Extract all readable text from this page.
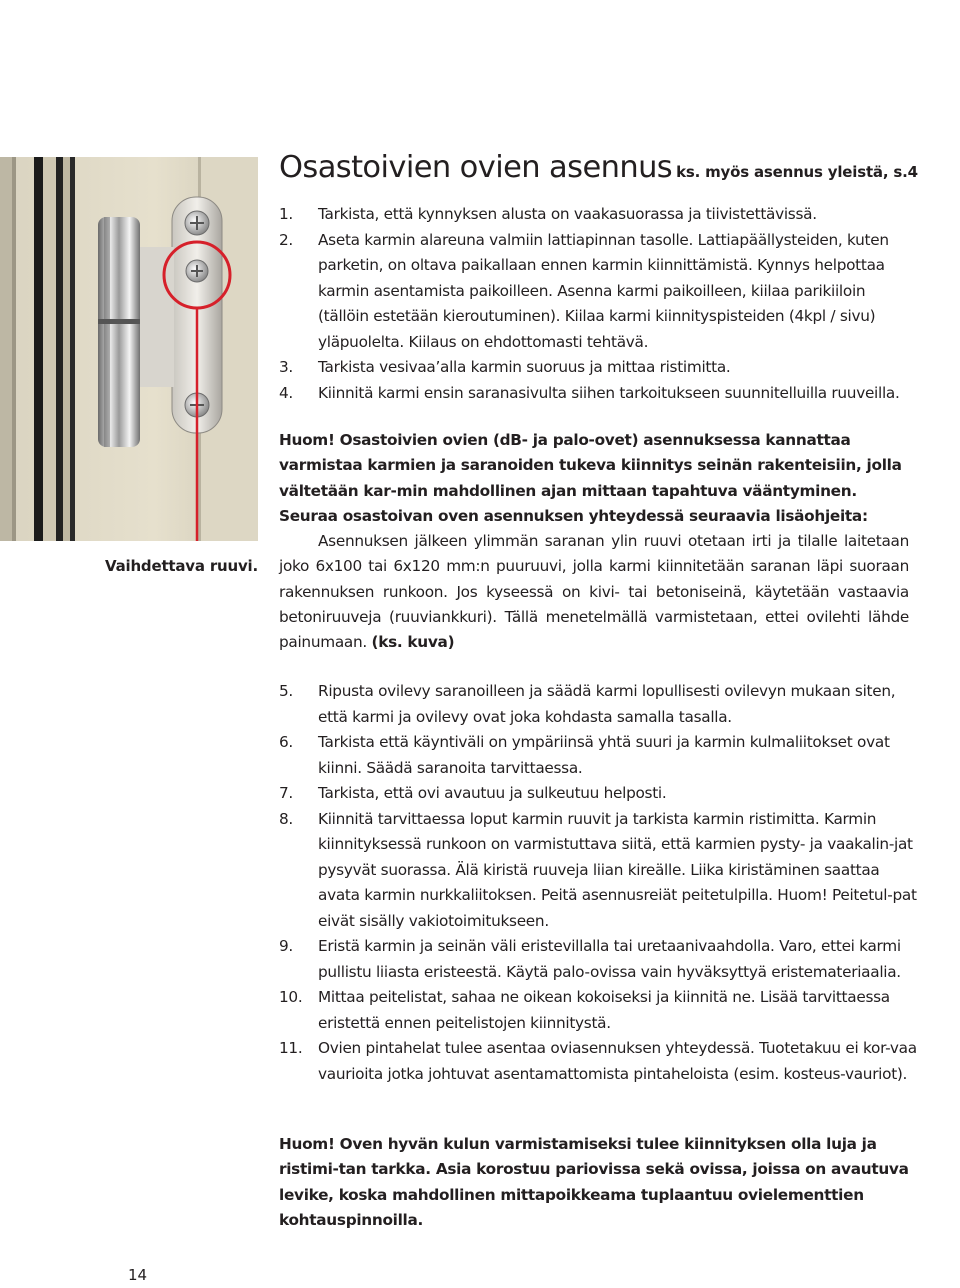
Vaihdettava ruuvi.
Osastoivien ovien asennus ks. myös asennus yleistä, s.4
1. Tarkista, että kynnyksen alusta on vaakasuorassa ja tiivistettävissä.
2. Aseta karmin alareuna valmiin lattiapinnan tasolle. Lattiapäällysteiden, kuten parketin, on oltava paikallaan ennen karmin kiinnittämistä. Kynnys helpottaa karmin asentamista paikoilleen. Asenna karmi paikoilleen, kiilaa parikiiloin (tällöin estetään kieroutuminen). Kiilaa karmi kiinnityspisteiden (4kpl / sivu) yläpuolelta. Kiilaus on ehdottomasti tehtävä.
3. Tarkista vesivaa’alla karmin suoruus ja mittaa ristimitta.
4. Kiinnitä karmi ensin saranasivulta siihen tarkoitukseen suunnitelluilla ruuveilla.

Huom! Osastoivien ovien (dB- ja palo-ovet) asennuksessa kannattaa varmistaa karmien ja saranoiden tukeva kiinnitys seinän rakenteisiin, jolla vältetään kar-min mahdollinen ajan mittaan tapahtuva vääntyminen. Seuraa osastoivan oven asennuksen yhteydessä seuraavia lisäohjeita:

Asennuksen jälkeen ylimmän saranan ylin ruuvi otetaan irti ja tilalle laitetaan joko 6x100 tai 6x120 mm:n puuruuvi, jolla karmi kiinnitetään saranan läpi suoraan rakennuksen runkoon. Jos kyseessä on kivi- tai betoniseinä, käytetään vastaavia betoniruuveja (ruuviankkuri). Tällä menetelmällä varmistetaan, ettei ovilehti lähde painumaan. (ks. kuva)

5. Ripusta ovilevy saranoilleen ja säädä karmi lopullisesti ovilevyn mukaan siten, että karmi ja ovilevy ovat joka kohdasta samalla tasalla.
6. Tarkista että käyntiväli on ympäriinsä yhtä suuri ja karmin kulmaliitokset ovat kiinni. Säädä saranoita tarvittaessa.
7. Tarkista, että ovi avautuu ja sulkeutuu helposti.
8. Kiinnitä tarvittaessa loput karmin ruuvit ja tarkista karmin ristimitta. Karmin kiinnityksessä runkoon on varmistuttava siitä, että karmien pysty- ja vaakalin-jat pysyvät suorassa. Älä kiristä ruuveja liian kireälle. Liika kiristäminen saattaa avata karmin nurkkaliitoksen. Peitä asennusreiät peitetulpilla. Huom! Peitetul-pat eivät sisälly vakiotoimitukseen.
9. Eristä karmin ja seinän väli eristevillalla tai uretaanivaahdolla. Varo, ettei karmi pullistu liiasta eristeestä. Käytä palo-ovissa vain hyväksyttyä eristemateriaalia.
10. Mittaa peitelistat, sahaa ne oikean kokoiseksi ja kiinnitä ne. Lisää tarvittaessa eristettä ennen peitelistojen kiinnitystä.
11. Ovien pintahelat tulee asentaa oviasennuksen yhteydessä. Tuotetakuu ei kor-vaa vaurioita jotka johtuvat asentamattomista pintaheloista (esim. kosteus-vauriot).

Huom! Oven hyvän kulun varmistamiseksi tulee kiinnityksen olla luja ja ristimi-tan tarkka. Asia korostuu pariovissa sekä ovissa, joissa on avautuva levike, koska mahdollinen mittapoikkeama tuplaantuu ovielementtien kohtauspinnoilla.

14
